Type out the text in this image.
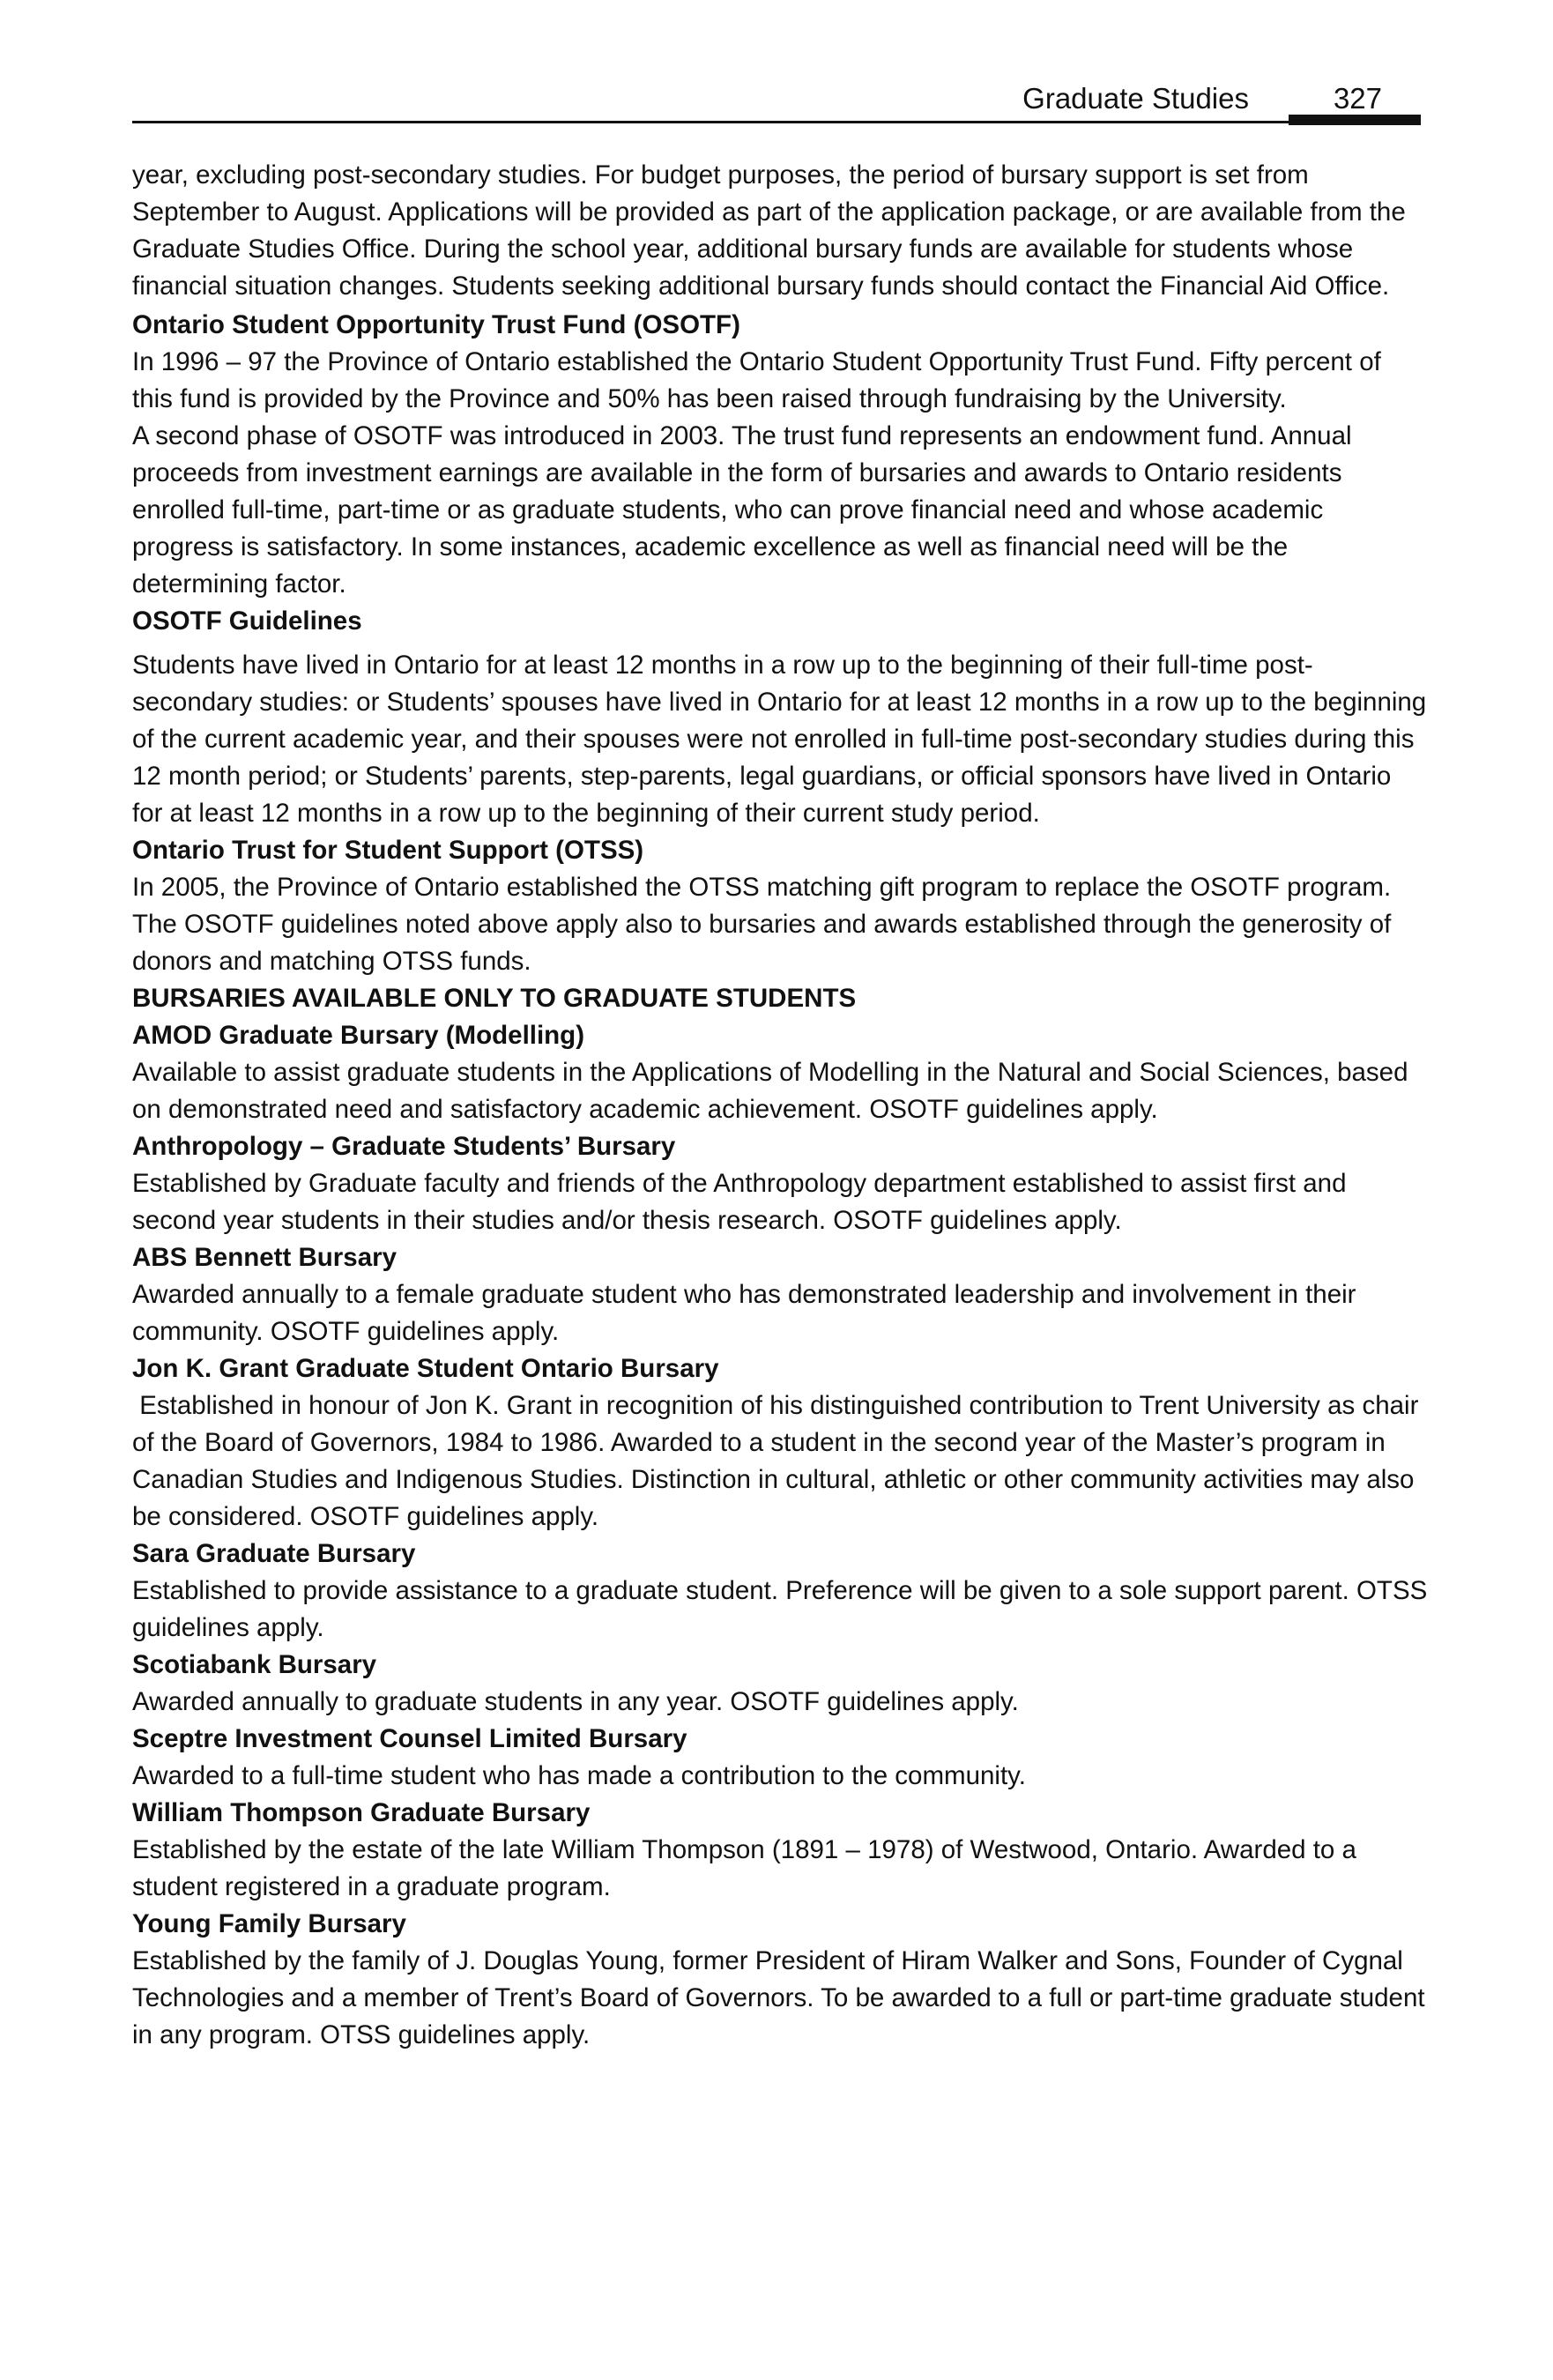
Graduate Studies	327

year, excluding post-secondary studies. For budget purposes, the period of bursary support is set from September to August. Applications will be provided as part of the application package, or are available from the Graduate Studies Office. During the school year, additional bursary funds are available for students whose financial situation changes. Students seeking additional bursary funds should contact the Financial Aid Office.

Ontario Student Opportunity Trust Fund (OSOTF)

In 1996 – 97 the Province of Ontario established the Ontario Student Opportunity Trust Fund. Fifty percent of this fund is provided by the Province and 50% has been raised through fundraising by the University.

A second phase of OSOTF was introduced in 2003. The trust fund represents an endowment fund. Annual proceeds from investment earnings are available in the form of bursaries and awards to Ontario residents enrolled full-time, part-time or as graduate students, who can prove financial need and whose academic progress is satisfactory. In some instances, academic excellence as well as financial need will be the determining factor.

OSOTF Guidelines

Students have lived in Ontario for at least 12 months in a row up to the beginning of their full-time post-secondary studies: or Students’ spouses have lived in Ontario for at least 12 months in a row up to the beginning of the current academic year, and their spouses were not enrolled in full-time post-secondary studies during this 12 month period; or Students’ parents, step-parents, legal guardians, or official sponsors have lived in Ontario for at least 12 months in a row up to the beginning of their current study period.

Ontario Trust for Student Support (OTSS)

In 2005, the Province of Ontario established the OTSS matching gift program to replace the OSOTF program. The OSOTF guidelines noted above apply also to bursaries and awards established through the generosity of donors and matching OTSS funds.

BURSARIES AVAILABLE ONLY TO GRADUATE STUDENTS

AMOD Graduate Bursary (Modelling)

Available to assist graduate students in the Applications of Modelling in the Natural and Social Sciences, based on demonstrated need and satisfactory academic achievement. OSOTF guidelines apply.

Anthropology – Graduate Students’ Bursary

Established by Graduate faculty and friends of the Anthropology department established to assist first and second year students in their studies and/or thesis research. OSOTF guidelines apply.

ABS Bennett Bursary

Awarded annually to a female graduate student who has demonstrated leadership and involvement in their community. OSOTF guidelines apply.

Jon K. Grant Graduate Student Ontario Bursary

Established in honour of Jon K. Grant in recognition of his distinguished contribution to Trent University as chair of the Board of Governors, 1984 to 1986. Awarded to a student in the second year of the Master’s program in Canadian Studies and Indigenous Studies. Distinction in cultural, athletic or other community activities may also be considered. OSOTF guidelines apply.

Sara Graduate Bursary

Established to provide assistance to a graduate student. Preference will be given to a sole support parent. OTSS guidelines apply.

Scotiabank Bursary

Awarded annually to graduate students in any year. OSOTF guidelines apply.

Sceptre Investment Counsel Limited Bursary

Awarded to a full-time student who has made a contribution to the community.

William Thompson Graduate Bursary

Established by the estate of the late William Thompson (1891 – 1978) of Westwood, Ontario. Awarded to a student registered in a graduate program.

Young Family Bursary

Established by the family of J. Douglas Young, former President of Hiram Walker and Sons, Founder of Cygnal Technologies and a member of Trent’s Board of Governors. To be awarded to a full or part-time graduate student in any program. OTSS guidelines apply.
